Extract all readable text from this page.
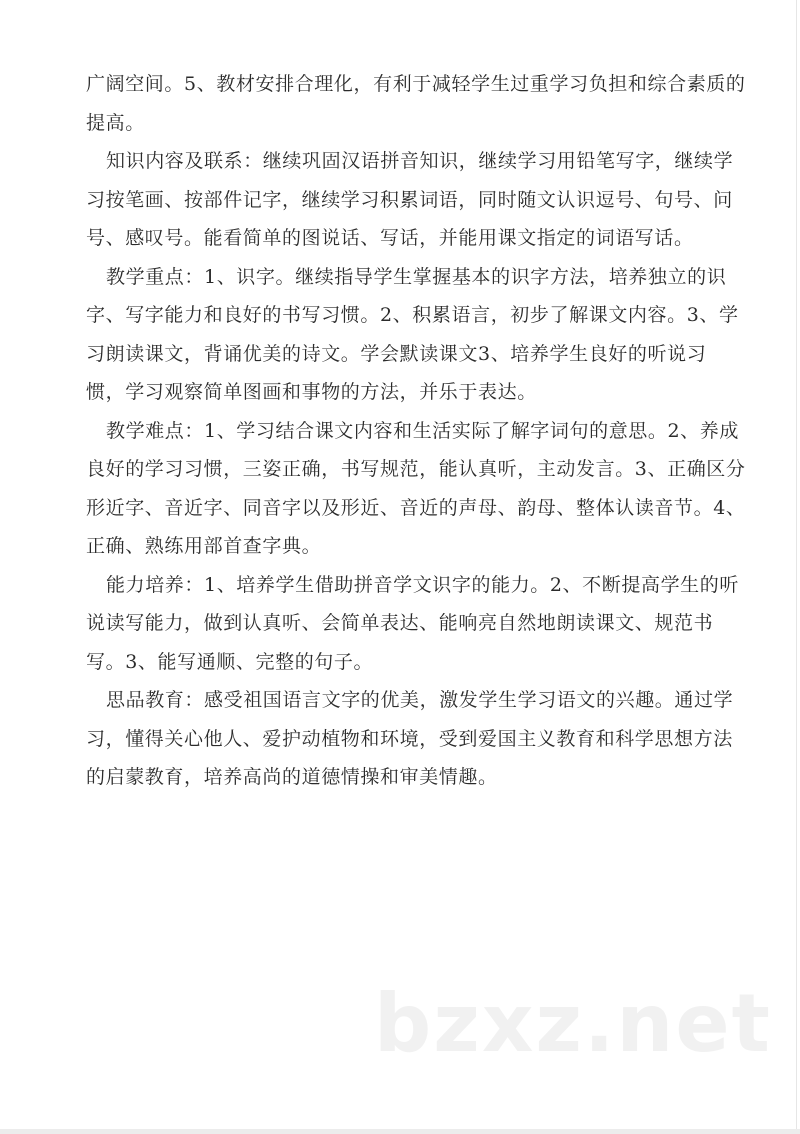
广阔空间。5、教材安排合理化，有利于减轻学生过重学习负担和综合素质的
提高。
知识内容及联系：继续巩固汉语拼音知识，继续学习用铅笔写字，继续学
习按笔画、按部件记字，继续学习积累词语，同时随文认识逗号、句号、问
号、感叹号。能看简单的图说话、写话，并能用课文指定的词语写话。
教学重点：1、识字。继续指导学生掌握基本的识字方法，培养独立的识
字、写字能力和良好的书写习惯。2、积累语言，初步了解课文内容。3、学
习朗读课文，背诵优美的诗文。学会默读课文3、培养学生良好的听说习
惯，学习观察简单图画和事物的方法，并乐于表达。
教学难点：1、学习结合课文内容和生活实际了解字词句的意思。2、养成
良好的学习习惯，三姿正确，书写规范，能认真听，主动发言。3、正确区分
形近字、音近字、同音字以及形近、音近的声母、韵母、整体认读音节。4、
正确、熟练用部首查字典。
能力培养：1、培养学生借助拼音学文识字的能力。2、不断提高学生的听
说读写能力，做到认真听、会简单表达、能响亮自然地朗读课文、规范书
写。3、能写通顺、完整的句子。
思品教育：感受祖国语言文字的优美，激发学生学习语文的兴趣。通过学
习，懂得关心他人、爱护动植物和环境，受到爱国主义教育和科学思想方法
的启蒙教育，培养高尚的道德情操和审美情趣。
bzxz.net
